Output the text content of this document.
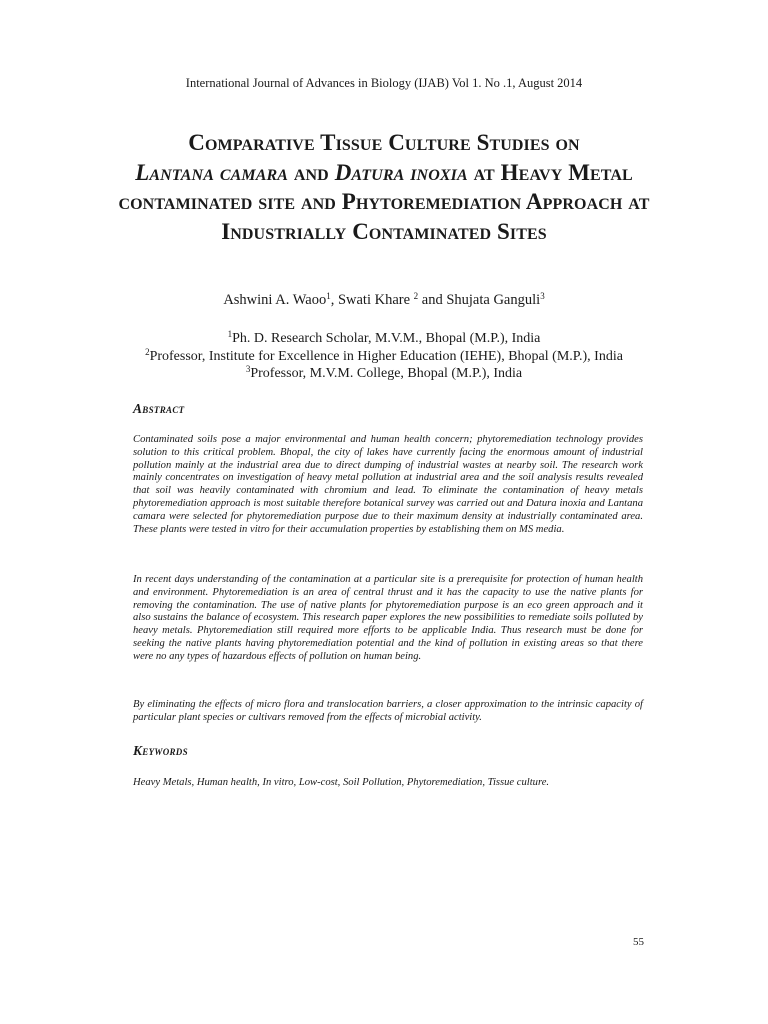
International Journal of Advances in Biology (IJAB) Vol 1. No .1, August 2014
Comparative Tissue Culture Studies on
Lantana camara and Datura inoxia at Heavy Metal contaminated site and Phytoremediation Approach at Industrially Contaminated Sites
Ashwini A. Waoo$^1$, Swati Khare $^2$ and Shujata Ganguli$^3$
$^1$Ph. D. Research Scholar, M.V.M., Bhopal (M.P.), India
$^2$Professor, Institute for Excellence in Higher Education (IEHE), Bhopal (M.P.), India
$^3$Professor, M.V.M. College, Bhopal (M.P.), India
Abstract
Contaminated soils pose a major environmental and human health concern; phytoremediation technology provides solution to this critical problem. Bhopal, the city of lakes have currently facing the enormous amount of industrial pollution mainly at the industrial area due to direct dumping of industrial wastes at nearby soil. The research work mainly concentrates on investigation of heavy metal pollution at industrial area and the soil analysis results revealed that soil was heavily contaminated with chromium and lead. To eliminate the contamination of heavy metals phytoremediation approach is most suitable therefore botanical survey was carried out and Datura inoxia and Lantana camara were selected for phytoremediation purpose due to their maximum density at industrially contaminated area. These plants were tested in vitro for their accumulation properties by establishing them on MS media.
In recent days understanding of the contamination at a particular site is a prerequisite for protection of human health and environment. Phytoremediation is an area of central thrust and it has the capacity to use the native plants for removing the contamination. The use of native plants for phytoremediation purpose is an eco green approach and it also sustains the balance of ecosystem. This research paper explores the new possibilities to remediate soils polluted by heavy metals. Phytoremediation still required more efforts to be applicable India. Thus research must be done for seeking the native plants having phytoremediation potential and the kind of pollution in existing areas so that there were no any types of hazardous effects of pollution on human being.
By eliminating the effects of micro flora and translocation barriers, a closer approximation to the intrinsic capacity of particular plant species or cultivars removed from the effects of microbial activity.
Keywords
Heavy Metals, Human health, In vitro, Low-cost, Soil Pollution, Phytoremediation, Tissue culture.
55
